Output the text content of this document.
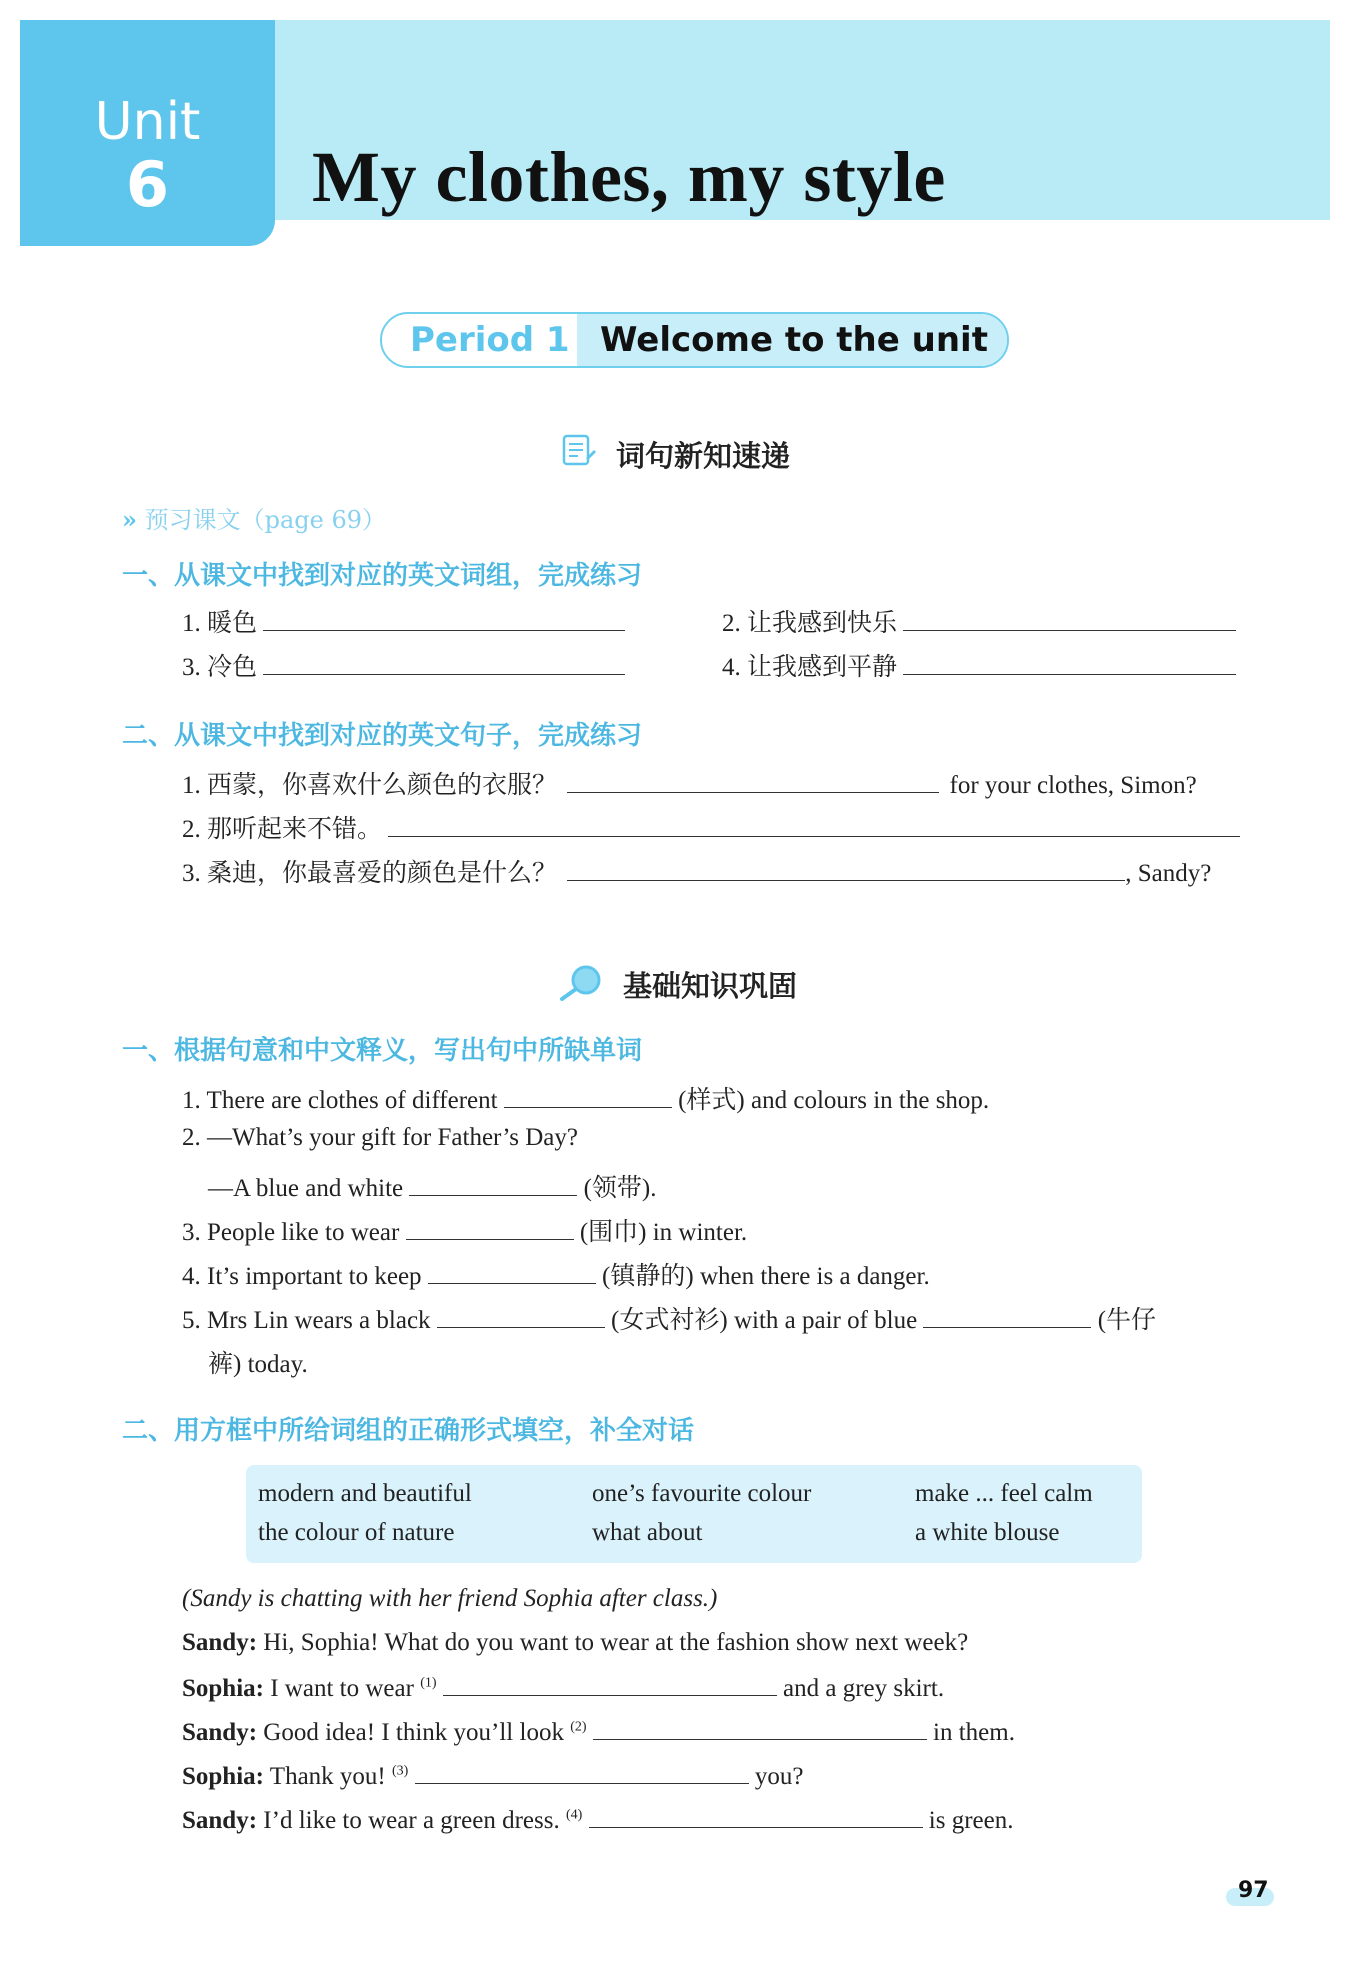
Unit
6	My clothes, my style
Period 1 Welcome to the unit
词句新知速递
» 预习课文（page 69）
一、从课文中找到对应的英文词组，完成练习
1. 暖色	2. 让我感到快乐
3. 冷色	4. 让我感到平静
二、从课文中找到对应的英文句子，完成练习
1. 西蒙，你喜欢什么颜色的衣服？	for your clothes, Simon?
2. 那听起来不错。
3. 桑迪，你最喜爱的颜色是什么？	, Sandy?
基础知识巩固
一、根据句意和中文释义，写出句中所缺单词
1. There are clothes of different	(样式) and colours in the shop.
2. —What’s your gift for Father’s Day?
—A blue and white	(领带).
3. People like to wear	(围巾) in winter.
4. It’s important to keep	(镇静的) when there is a danger.
5. Mrs Lin wears a black	(女式衬衫) with a pair of blue	(牛仔
裤) today.
二、用方框中所给词组的正确形式填空，补全对话
modern and beautiful	one’s favourite colour	make ... feel calm
the colour of nature	what about	a white blouse
(Sandy is chatting with her friend Sophia after class.)
Sandy: Hi, Sophia! What do you want to wear at the fashion show next week?
Sophia: I want to wear $^{(1)}$	and a grey skirt.
Sandy: Good idea! I think you’ll look $^{(2)}$	in them.
Sophia: Thank you! $^{(3)}$	you?
Sandy: I’d like to wear a green dress. $^{(4)}$	is green.
97
